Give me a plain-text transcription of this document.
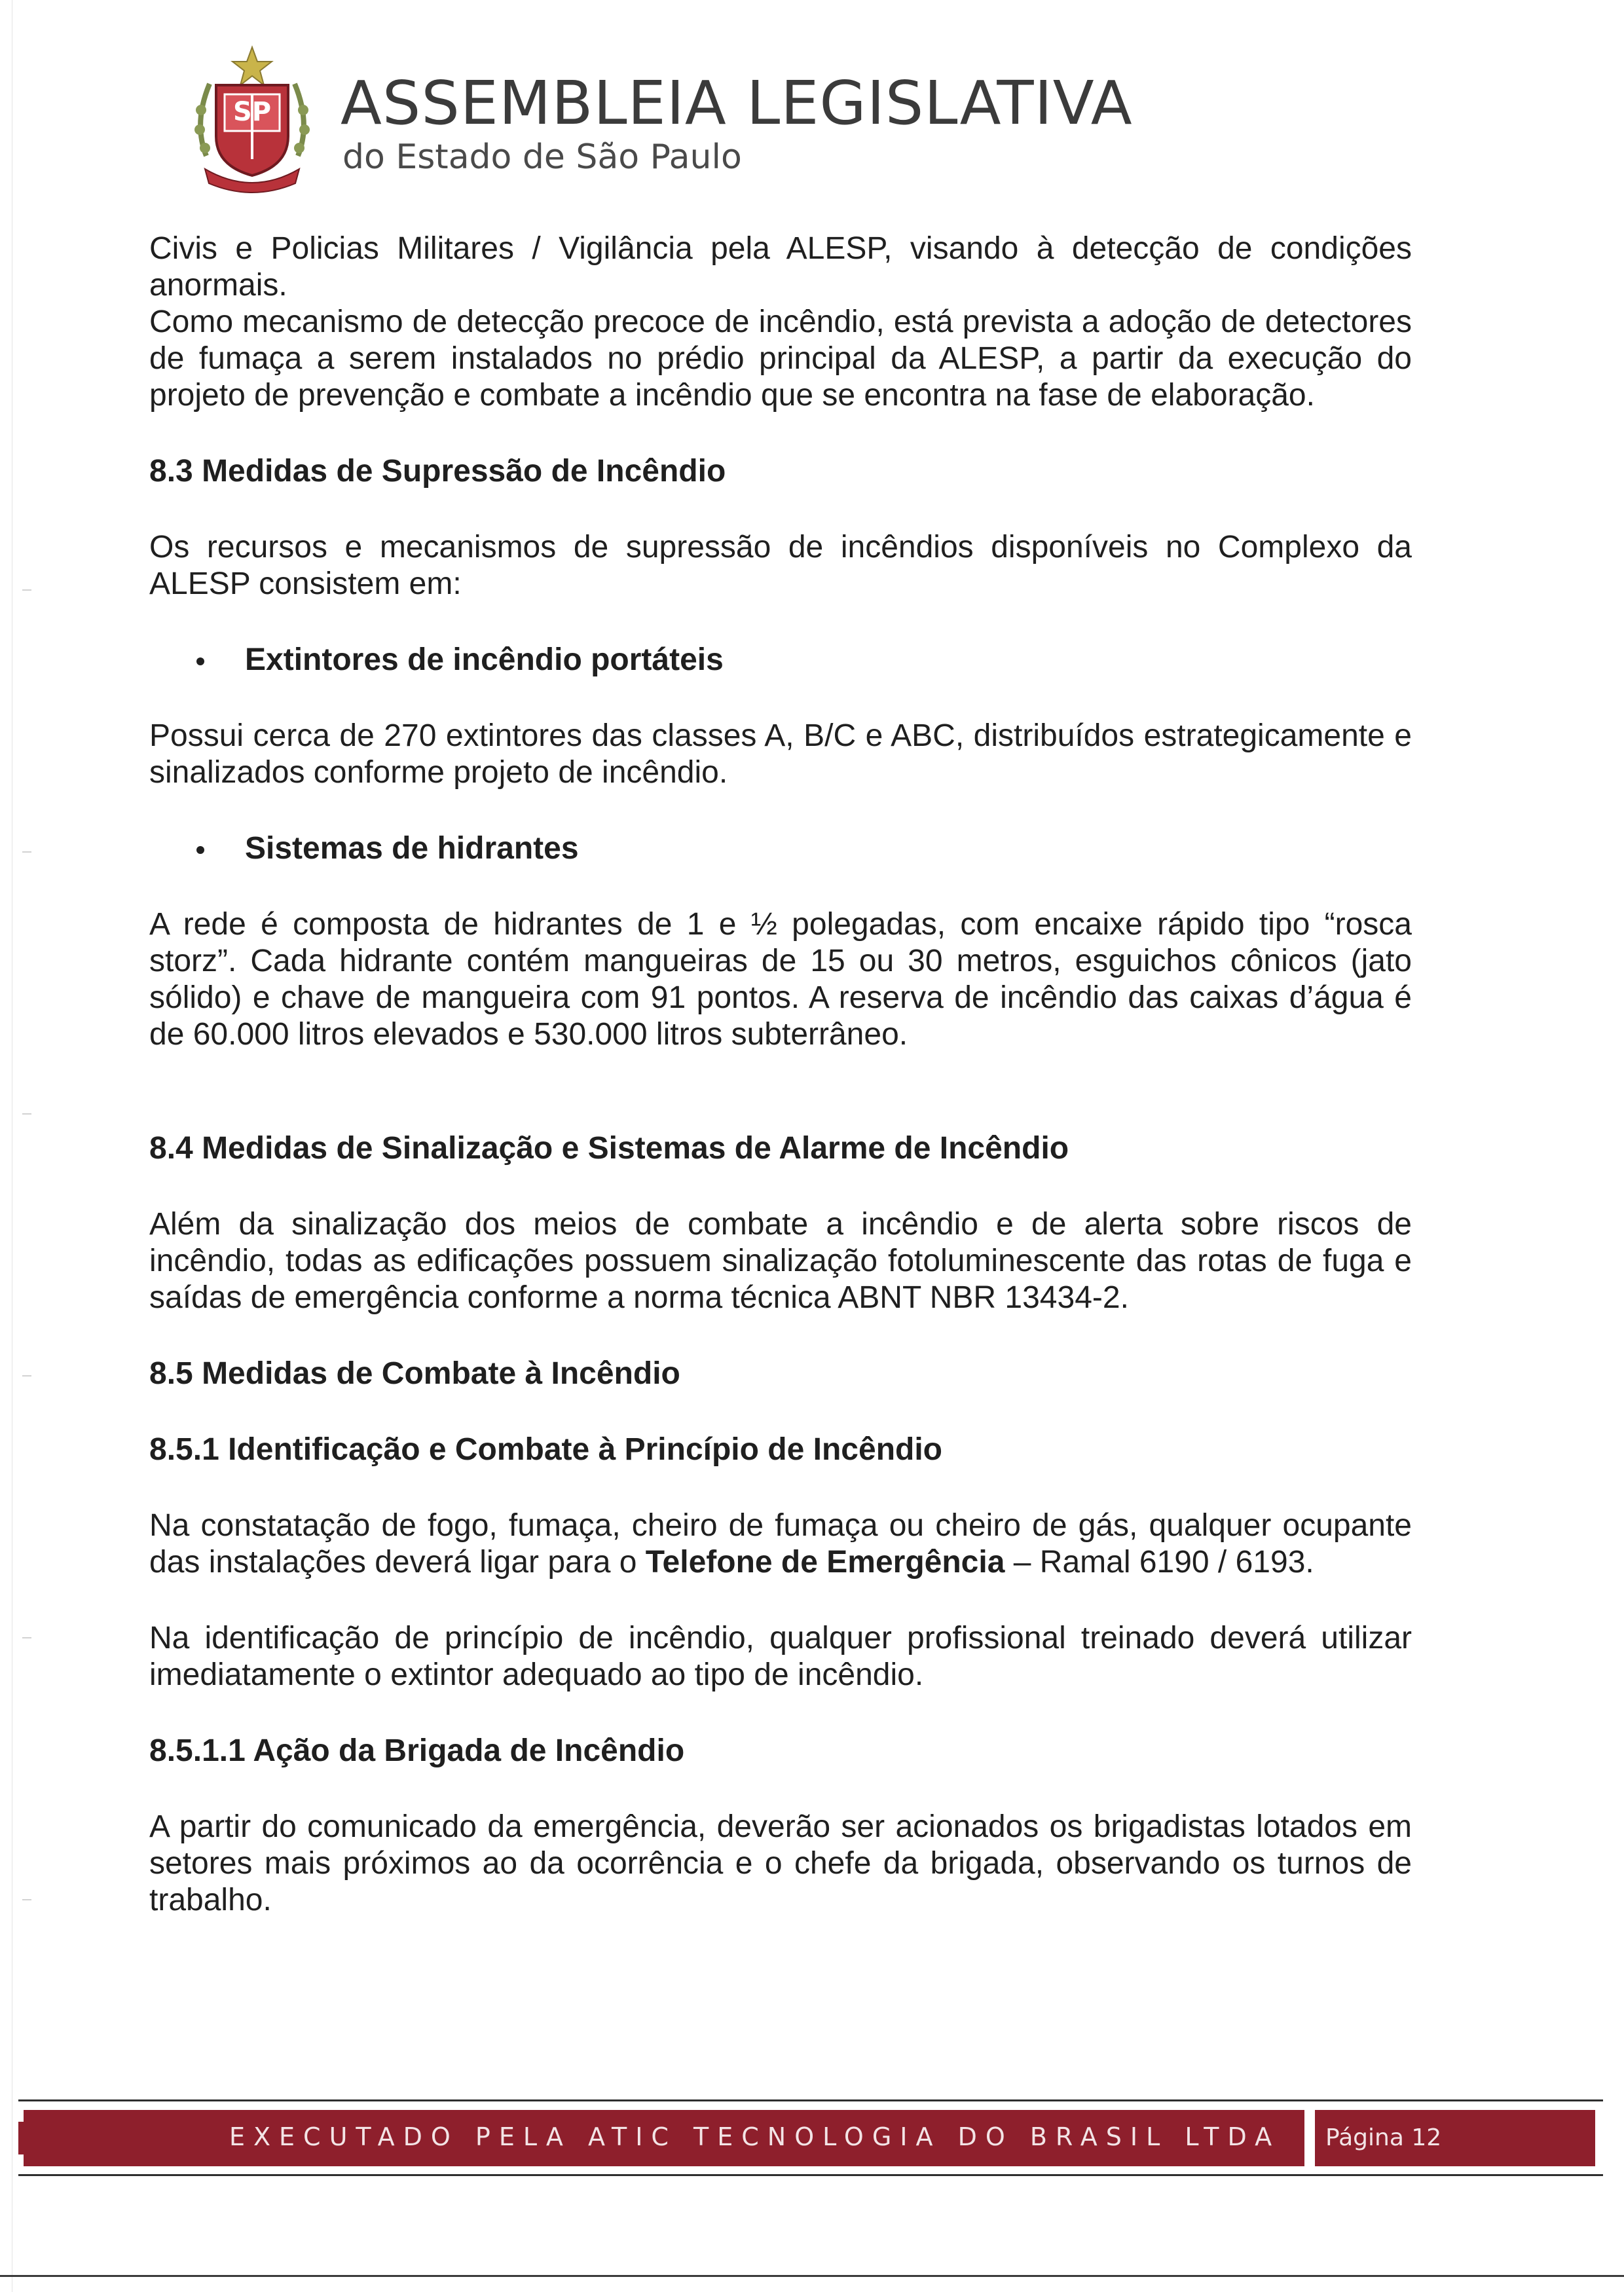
SP ASSEMBLEIA LEGISLATIVA
do Estado de São Paulo

Civis e Policias Militares / Vigilância pela ALESP, visando à detecção de condições anormais.

Como mecanismo de detecção precoce de incêndio, está prevista a adoção de detectores de fumaça a serem instalados no prédio principal da ALESP, a partir da execução do projeto de prevenção e combate a incêndio que se encontra na fase de elaboração.

8.3 Medidas de Supressão de Incêndio

Os recursos e mecanismos de supressão de incêndios disponíveis no Complexo da ALESP consistem em:

Extintores de incêndio portáteis

Possui cerca de 270 extintores das classes A, B/C e ABC, distribuídos estrategicamente e sinalizados conforme projeto de incêndio.

Sistemas de hidrantes

A rede é composta de hidrantes de 1 e ½ polegadas, com encaixe rápido tipo “rosca storz”. Cada hidrante contém mangueiras de 15 ou 30 metros, esguichos cônicos (jato sólido) e chave de mangueira com 91 pontos. A reserva de incêndio das caixas d’água é de 60.000 litros elevados e 530.000 litros subterrâneo.

8.4 Medidas de Sinalização e Sistemas de Alarme de Incêndio

Além da sinalização dos meios de combate a incêndio e de alerta sobre riscos de incêndio, todas as edificações possuem sinalização fotoluminescente das rotas de fuga e saídas de emergência conforme a norma técnica ABNT NBR 13434-2.

8.5 Medidas de Combate à Incêndio
8.5.1 Identificação e Combate à Princípio de Incêndio

Na constatação de fogo, fumaça, cheiro de fumaça ou cheiro de gás, qualquer ocupante das instalações deverá ligar para o Telefone de Emergência – Ramal 6190 / 6193.

Na identificação de princípio de incêndio, qualquer profissional treinado deverá utilizar imediatamente o extintor adequado ao tipo de incêndio.

8.5.1.1 Ação da Brigada de Incêndio

A partir do comunicado da emergência, deverão ser acionados os brigadistas lotados em setores mais próximos ao da ocorrência e o chefe da brigada, observando os turnos de trabalho.

EXECUTADO PELA ATIC TECNOLOGIA DO BRASIL LTDA Página 12
